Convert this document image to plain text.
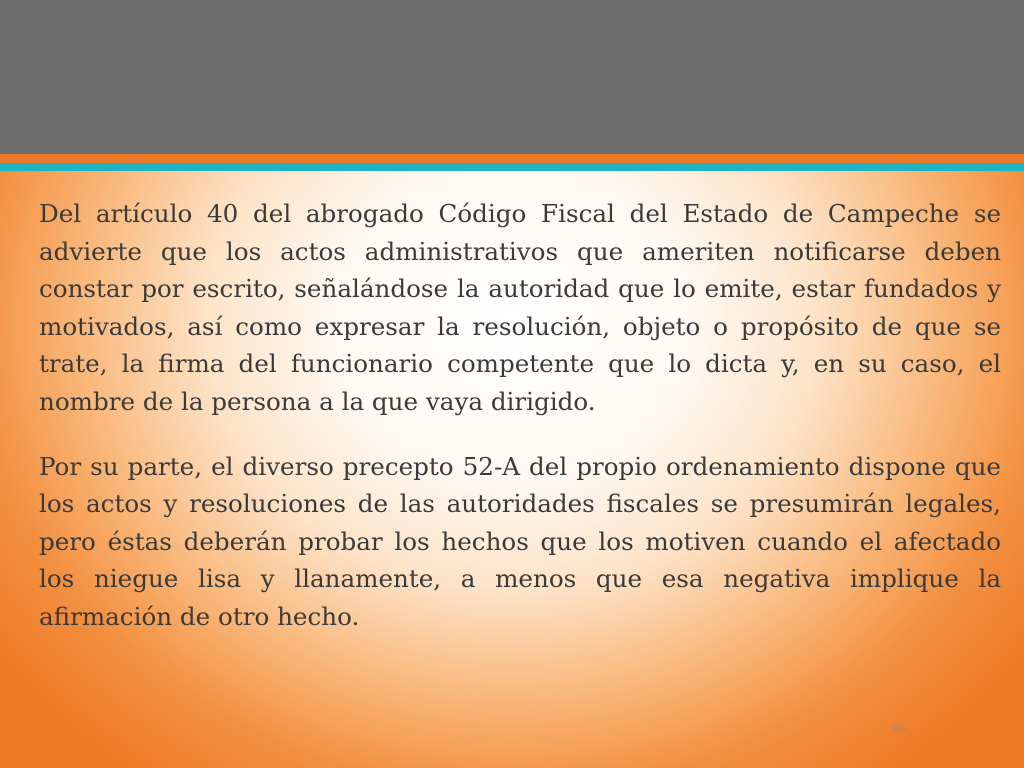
Del artículo 40 del abrogado Código Fiscal del Estado de Campeche se advierte que los actos administrativos que ameriten notificarse deben constar por escrito, señalándose la autoridad que lo emite, estar fundados y motivados, así como expresar la resolución, objeto o propósito de que se trate, la firma del funcionario competente que lo dicta y, en su caso, el nombre de la persona a la que vaya dirigido.

Por su parte, el diverso precepto 52-A del propio ordenamiento dispone que los actos y resoluciones de las autoridades fiscales se presumirán legales, pero éstas deberán probar los hechos que los motiven cuando el afectado los niegue lisa y llanamente, a menos que esa negativa implique la afirmación de otro hecho.

66
